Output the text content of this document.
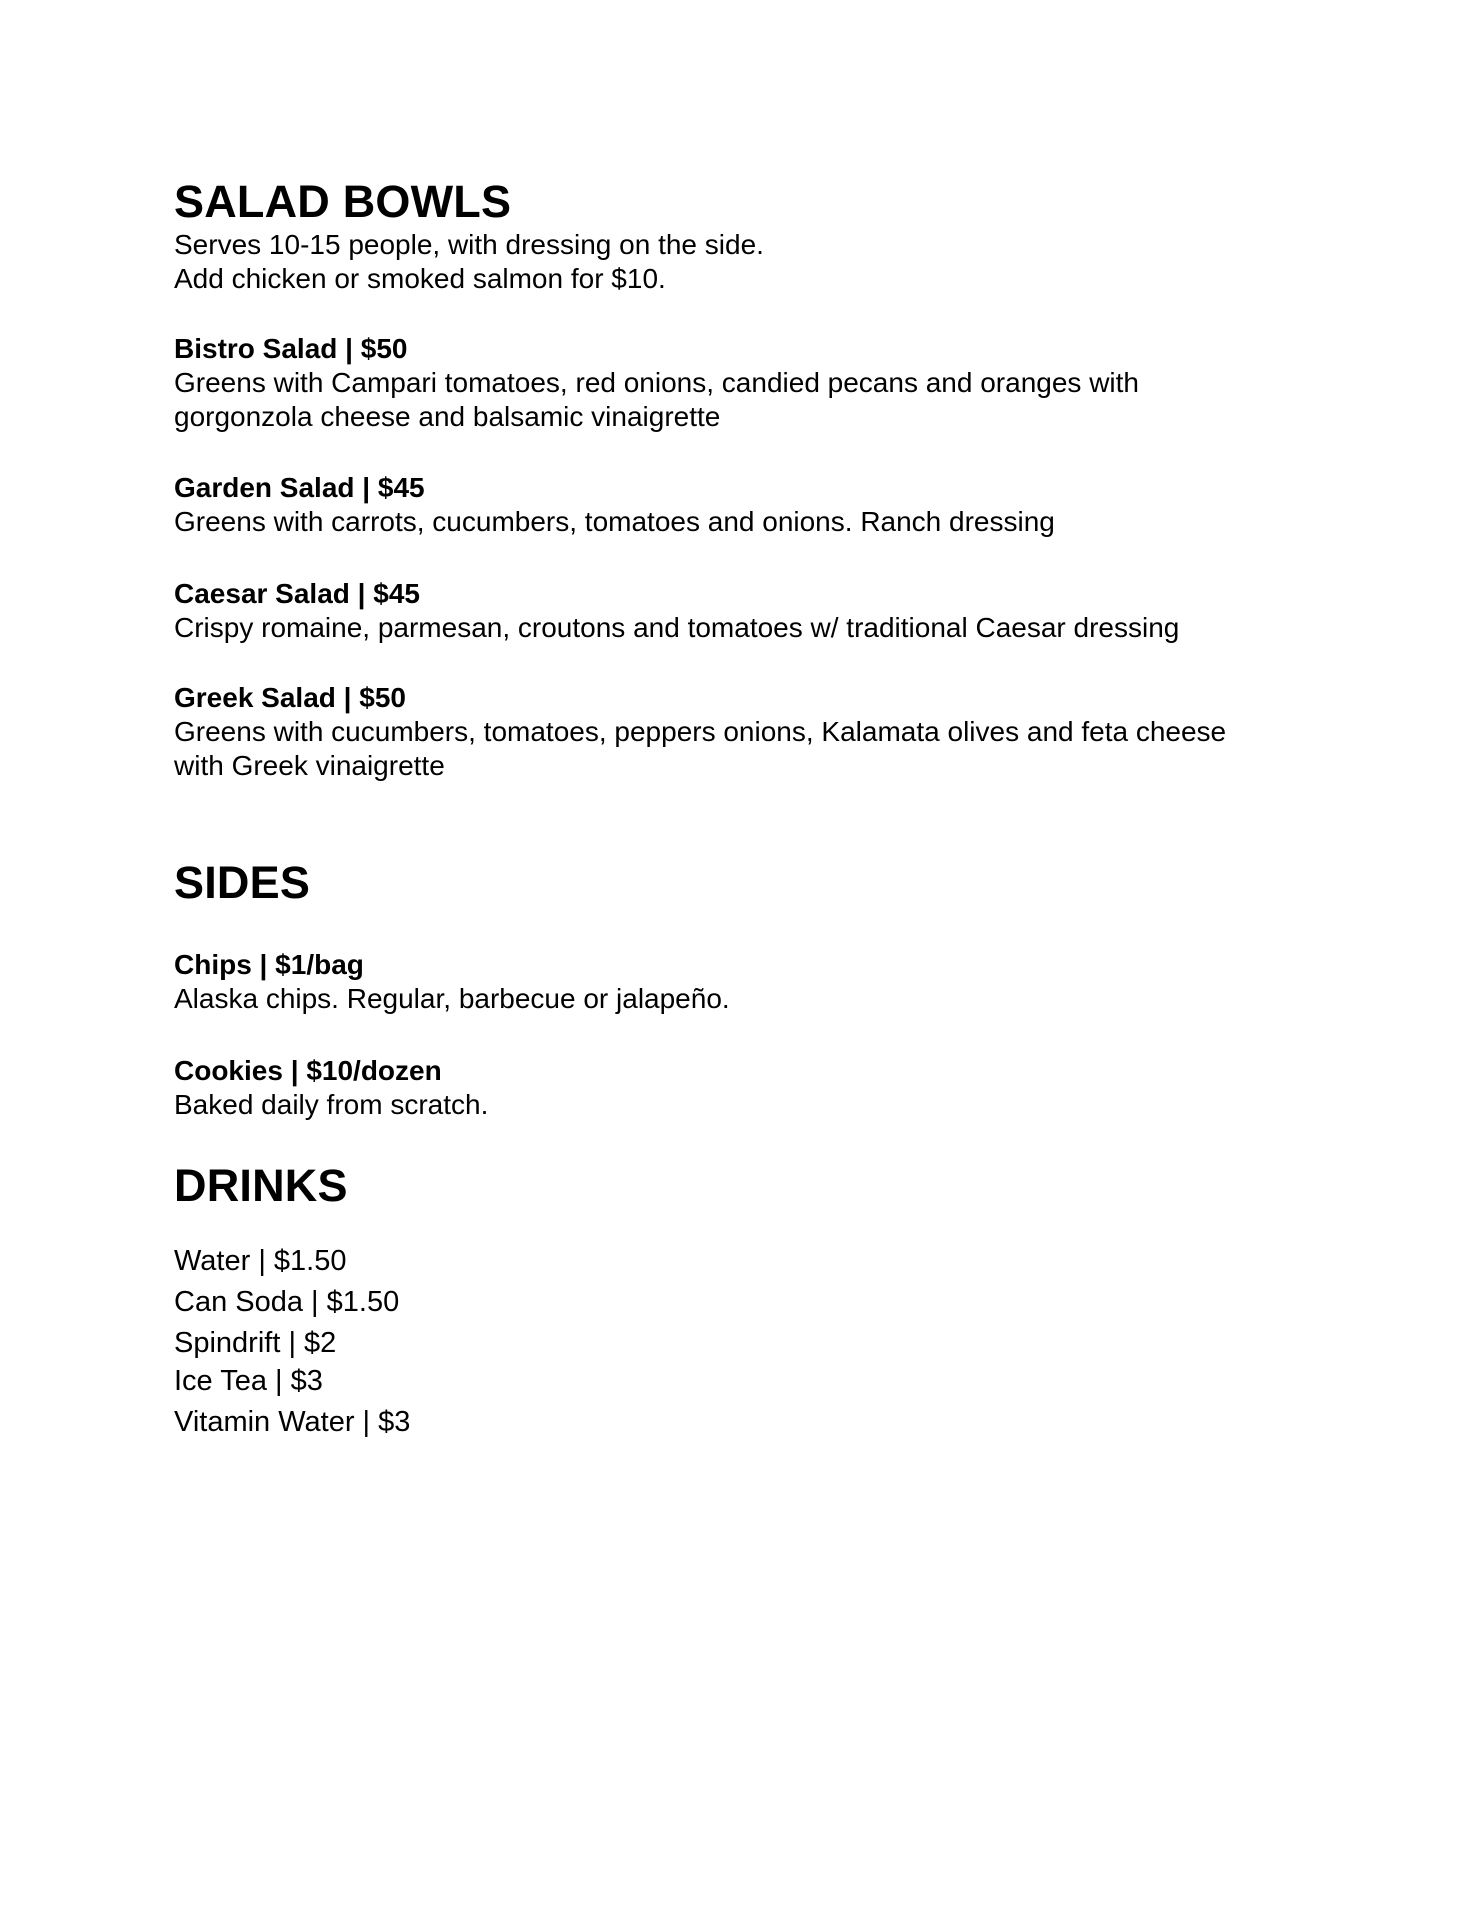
SALAD BOWLS
Serves 10-15 people, with dressing on the side.
Add chicken or smoked salmon for $10.
Bistro Salad | $50
Greens with Campari tomatoes, red onions, candied pecans and oranges with
gorgonzola cheese and balsamic vinaigrette
Garden Salad | $45
Greens with carrots, cucumbers, tomatoes and onions. Ranch dressing
Caesar Salad | $45
Crispy romaine, parmesan, croutons and tomatoes w/ traditional Caesar dressing
Greek Salad | $50
Greens with cucumbers, tomatoes, peppers onions, Kalamata olives and feta cheese
with Greek vinaigrette
SIDES
Chips | $1/bag
Alaska chips. Regular, barbecue or jalapeño.
Cookies | $10/dozen
Baked daily from scratch.
DRINKS
Water | $1.50
Can Soda | $1.50
Spindrift | $2
Ice Tea | $3
Vitamin Water | $3
